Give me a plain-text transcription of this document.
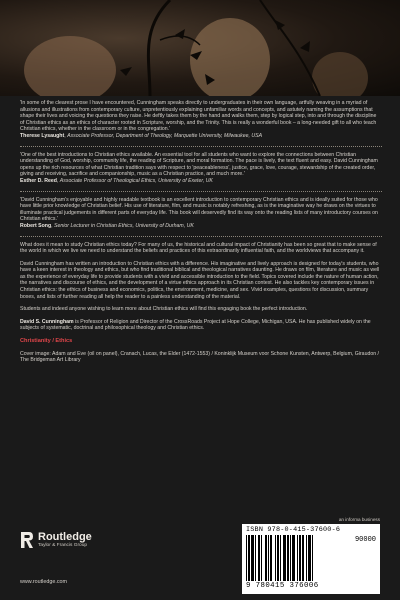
'In some of the clearest prose I have encountered, Cunningham speaks directly to undergraduates in their own language, artfully weaving in a myriad of allusions and illustrations from contemporary culture, unpretentiously explaining unfamiliar words and concepts, and astutely naming the assumptions that shape their lives and voicing the questions they raise. He deftly takes them by the hand and walks them, step by logical step, into and through the discipline of Christian ethics as an ethics of character rooted in Scripture, worship, and the Trinity. This is really a wonderful book – a long-needed gift to all who teach Christian ethics, whether in the classroom or in the congregation.'

Therese Lysaught, Associate Professor, Department of Theology, Marquette University, Milwaukee, USA

'One of the best introductions to Christian ethics available. An essential tool for all students who want to explore the connections between Christian understanding of God, worship, community life, the reading of Scripture, and moral formation. The pace is lively, the text fluent and easy. David Cunningham opens up the rich resources of what Christian tradition says with respect to 'peaceableness', justice, grace, love, courage, stewardship of the created order, giving and receiving, sacrifice and companionship, music as a Christian practice, and much more.'

Esther D. Reed, Associate Professor of Theological Ethics, University of Exeter, UK

'David Cunningham's enjoyable and highly readable textbook is an excellent introduction to contemporary Christian ethics and is ideally suited for those who have little prior knowledge of Christian belief. His use of literature, film, and music is notably refreshing, as is the imaginative way he draws on the virtues to illuminate practical judgements in different parts of everyday life. This book will deservedly find its way onto the reading lists of many introductory courses on Christian ethics.'

Robert Song, Senior Lecturer in Christian Ethics, University of Durham, UK

What does it mean to study Christian ethics today? For many of us, the historical and cultural impact of Christianity has been so great that to make sense of the world in which we live we need to understand the beliefs and practices of this extraordinarily influential faith, and the worldviews that accompany it.

David Cunningham has written an introduction to Christian ethics with a difference. His imaginative and lively approach is designed for today's students, who have a keen interest in theology and ethics, but who find traditional biblical and theological narratives daunting. He draws on film, literature and music as well as the experience of everyday life to provide students with a vivid and accessible introduction to the field. Topics covered include the nature of human action, the narratives and discourse of ethics, and the development of a virtue ethics approach in its Christian context. He also tackles key contemporary issues in Christian ethics: the ethics of business and economics, politics, the environment, medicine, and sex. Vivid examples, questions for discussion, summary boxes, and lists of further reading all help the reader to a painless understanding of the material.

Students and indeed anyone wishing to learn more about Christian ethics will find this engaging book the perfect introduction.

David S. Cunningham is Professor of Religion and Director of the CrossRoads Project at Hope College, Michigan, USA. He has published widely on the subjects of systematic, doctrinal and philosophical theology and Christian ethics.

Christianity / Ethics

Cover image: Adam and Eve (oil on panel), Cranach, Lucas, the Elder (1472-1553) / Koninklijk Museum voor Schone Kunsten, Antwerp, Belgium, Giraudon / The Bridgeman Art Library

Routledge
Taylor & Francis Group
www.routledge.com
an informa business
ISBN 978-0-415-37600-6
90000
9 780415 376006
